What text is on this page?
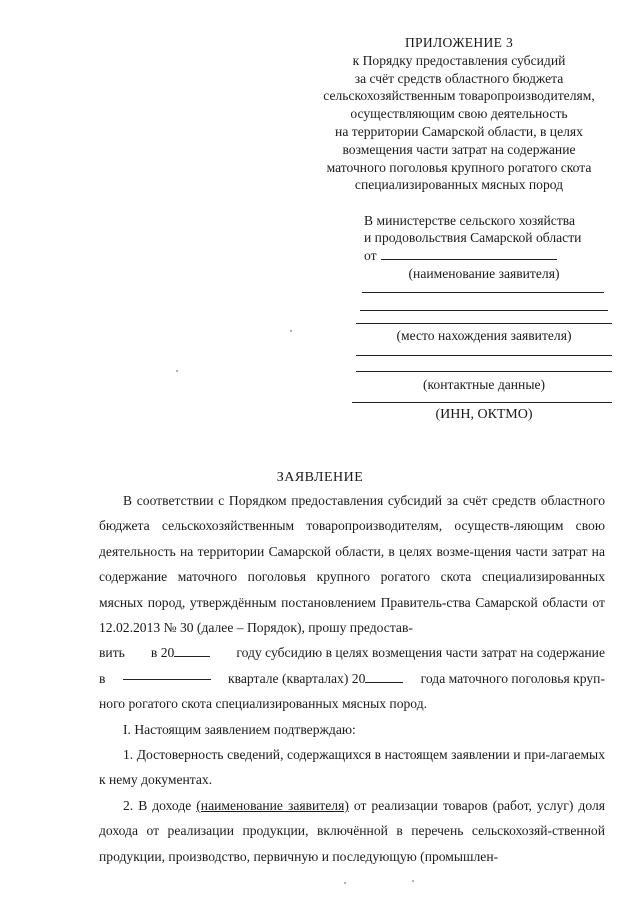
ПРИЛОЖЕНИЕ 3
к Порядку предоставления субсидий
за счёт средств областного бюджета
сельскохозяйственным товаропроизводителям,
осуществляющим свою деятельность
на территории Самарской области, в целях
возмещения части затрат на содержание
маточного поголовья крупного рогатого скота
специализированных мясных пород
В министерстве сельского хозяйства
и продовольствия Самарской области
от
(наименование заявителя)
(место нахождения заявителя)
(контактные данные)
(ИНН, ОКТМО)
ЗАЯВЛЕНИЕ
В соответствии с Порядком предоставления субсидий за счёт средств областного бюджета сельскохозяйственным товаропроизводителям, осуществ-ляющим свою деятельность на территории Самарской области, в целях возме-щения части затрат на содержание маточного поголовья крупного рогатого скота специализированных мясных пород, утверждённым постановлением Правитель-ства Самарской области от 12.02.2013 № 30 (далее – Порядок), прошу предостав-
вить в 20	году субсидию в целях возмещения части затрат на содержание
в	квартале (кварталах) 20	года маточного поголовья круп-
ного рогатого скота специализированных мясных пород.
I. Настоящим заявлением подтверждаю:
1. Достоверность сведений, содержащихся в настоящем заявлении и при-лагаемых к нему документах.
2. В доходе (наименование заявителя) от реализации товаров (работ, услуг) доля дохода от реализации продукции, включённой в перечень сельскохозяй-ственной продукции, производство, первичную и последующую (промышлен-
